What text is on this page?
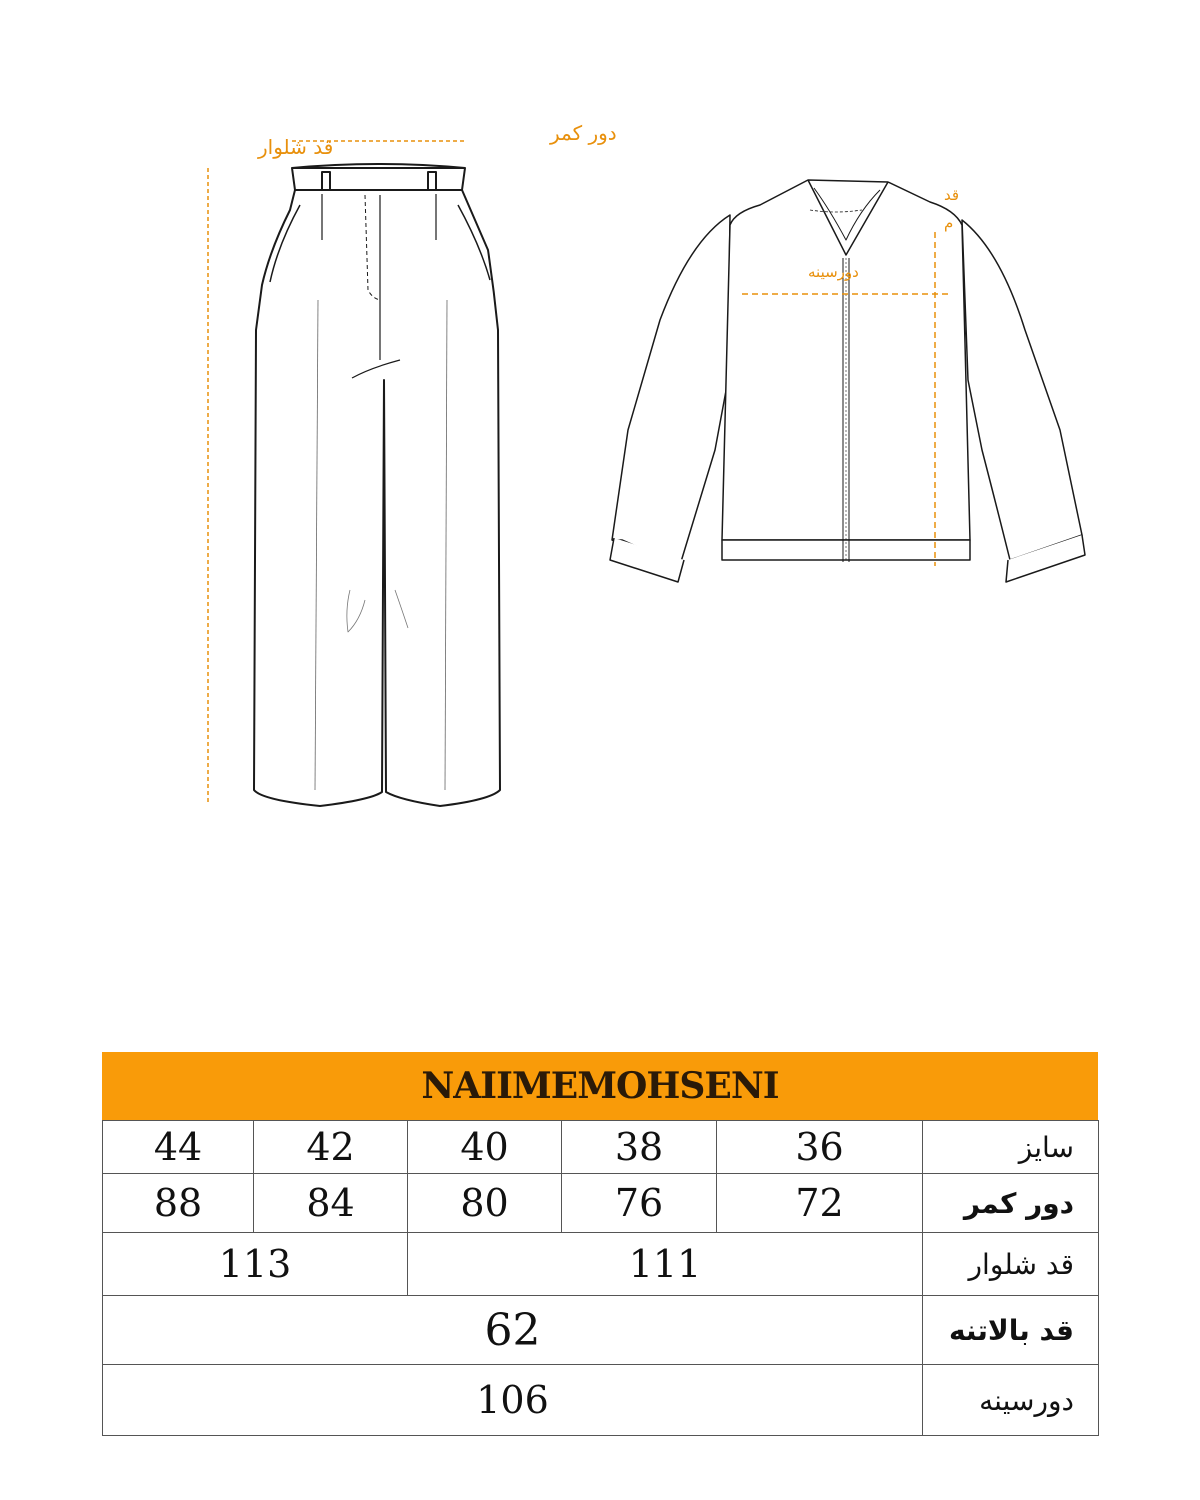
قد شلوار
دور کمر
دورسینه
قد
م
NAIIMEMOHSENI
44	42	40	38	36	سایز
88	84	80	76	72	دور کمر
113		111			قد شلوار
62					قد بالاتنه
106					دورسینه
